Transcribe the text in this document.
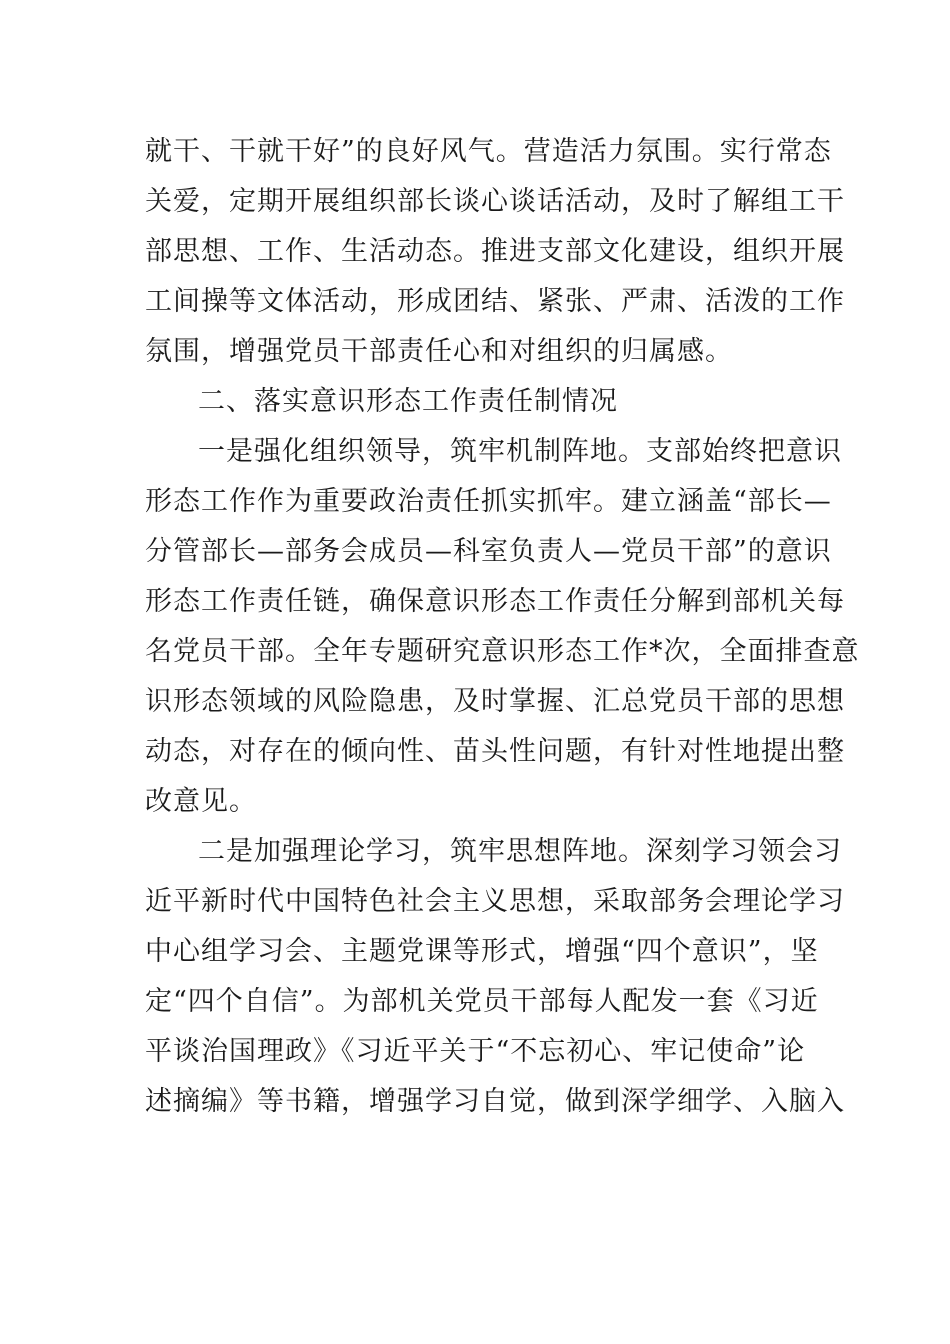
就干、干就干好”的良好风气。营造活力氛围。实行常态
关爱，定期开展组织部长谈心谈话活动，及时了解组工干
部思想、工作、生活动态。推进支部文化建设，组织开展
工间操等文体活动，形成团结、紧张、严肃、活泼的工作
氛围，增强党员干部责任心和对组织的归属感。
二、落实意识形态工作责任制情况
一是强化组织领导，筑牢机制阵地。支部始终把意识
形态工作作为重要政治责任抓实抓牢。建立涵盖“部长—
分管部长—部务会成员—科室负责人—党员干部”的意识
形态工作责任链，确保意识形态工作责任分解到部机关每
名党员干部。全年专题研究意识形态工作*次，全面排查意
识形态领域的风险隐患，及时掌握、汇总党员干部的思想
动态，对存在的倾向性、苗头性问题，有针对性地提出整
改意见。
二是加强理论学习，筑牢思想阵地。深刻学习领会习
近平新时代中国特色社会主义思想，采取部务会理论学习
中心组学习会、主题党课等形式，增强“四个意识”，坚
定“四个自信”。为部机关党员干部每人配发一套《习近
平谈治国理政》《习近平关于“不忘初心、牢记使命”论
述摘编》等书籍，增强学习自觉，做到深学细学、入脑入
